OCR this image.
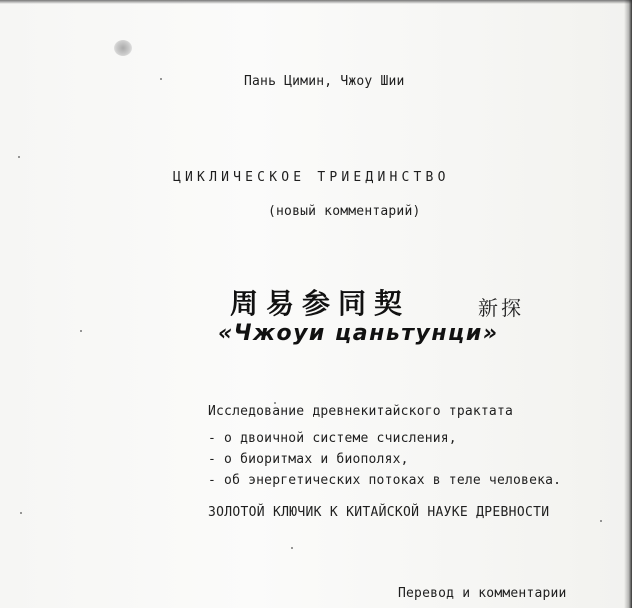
Пань Цимин, Чжоу Шии
ЦИКЛИЧЕСКОЕ ТРИЕДИНСТВО
(новый комментарий)
周易参同契	新探
«Чжоуи цаньтунци»
Исследование древнекитайского трактата
- о двоичной системе счисления,
- о биоритмах и биополях,
- об энергетических потоках в теле человека.
ЗОЛОТОЙ КЛЮЧИК К КИТАЙСКОЙ НАУКЕ ДРЕВНОСТИ
Перевод и комментарии
